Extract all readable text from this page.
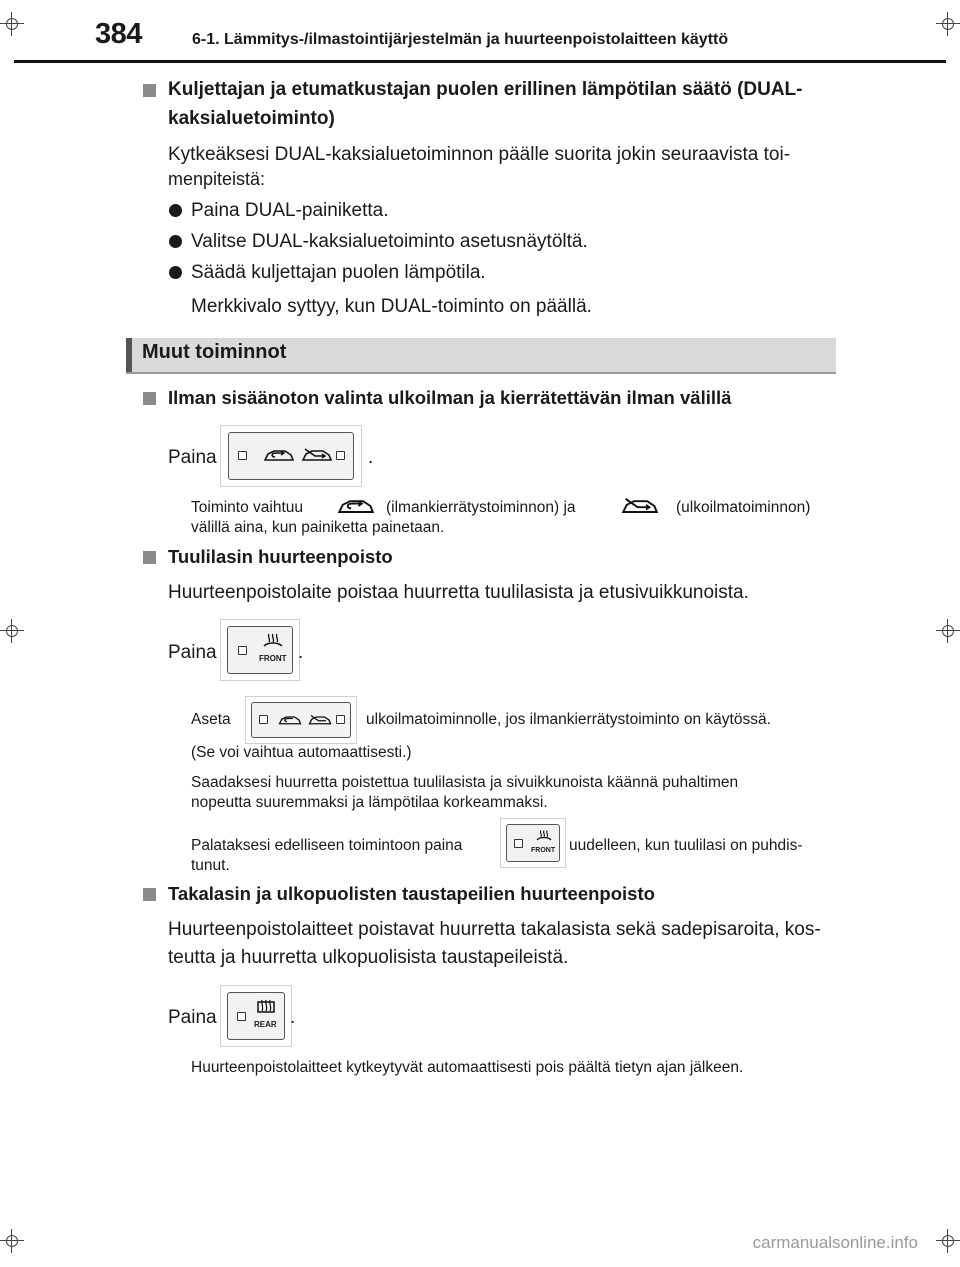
384	6-1. Lämmitys-/ilmastointijärjestelmän ja huurteenpoistolaitteen käyttö
Kuljettajan ja etumatkustajan puolen erillinen lämpötilan säätö (DUAL-
kaksialuetoiminto)
Kytkeäksesi DUAL-kaksialuetoiminnon päälle suorita jokin seuraavista toi-
menpiteistä:
Paina DUAL-painiketta.
Valitse DUAL-kaksialuetoiminto asetusnäytöltä.
Säädä kuljettajan puolen lämpötila.
Merkkivalo syttyy, kun DUAL-toiminto on päällä.
Muut toiminnot
Ilman sisäänoton valinta ulkoilman ja kierrätettävän ilman välillä
Paina	.
Toiminto vaihtuu	(ilmankierrätystoiminnon) ja	(ulkoilmatoiminnon)
välillä aina, kun painiketta painetaan.
Tuulilasin huurteenpoisto
Huurteenpoistolaite poistaa huurretta tuulilasista ja etusivuikkunoista.
Paina	FRONT .
Aseta	ulkoilmatoiminnolle, jos ilmankierrätystoiminto on käytössä.
(Se voi vaihtua automaattisesti.)
Saadaksesi huurretta poistettua tuulilasista ja sivuikkunoista käännä puhaltimen
nopeutta suuremmaksi ja lämpötilaa korkeammaksi.
Palataksesi edelliseen toimintoon paina	FRONT uudelleen, kun tuulilasi on puhdis-
tunut.
Takalasin ja ulkopuolisten taustapeilien huurteenpoisto
Huurteenpoistolaitteet poistavat huurretta takalasista sekä sadepisaroita, kos-
teutta ja huurretta ulkopuolisista taustapeileistä.
Paina	REAR .
Huurteenpoistolaitteet kytkeytyvät automaattisesti pois päältä tietyn ajan jälkeen.
carmanualsonline.info
